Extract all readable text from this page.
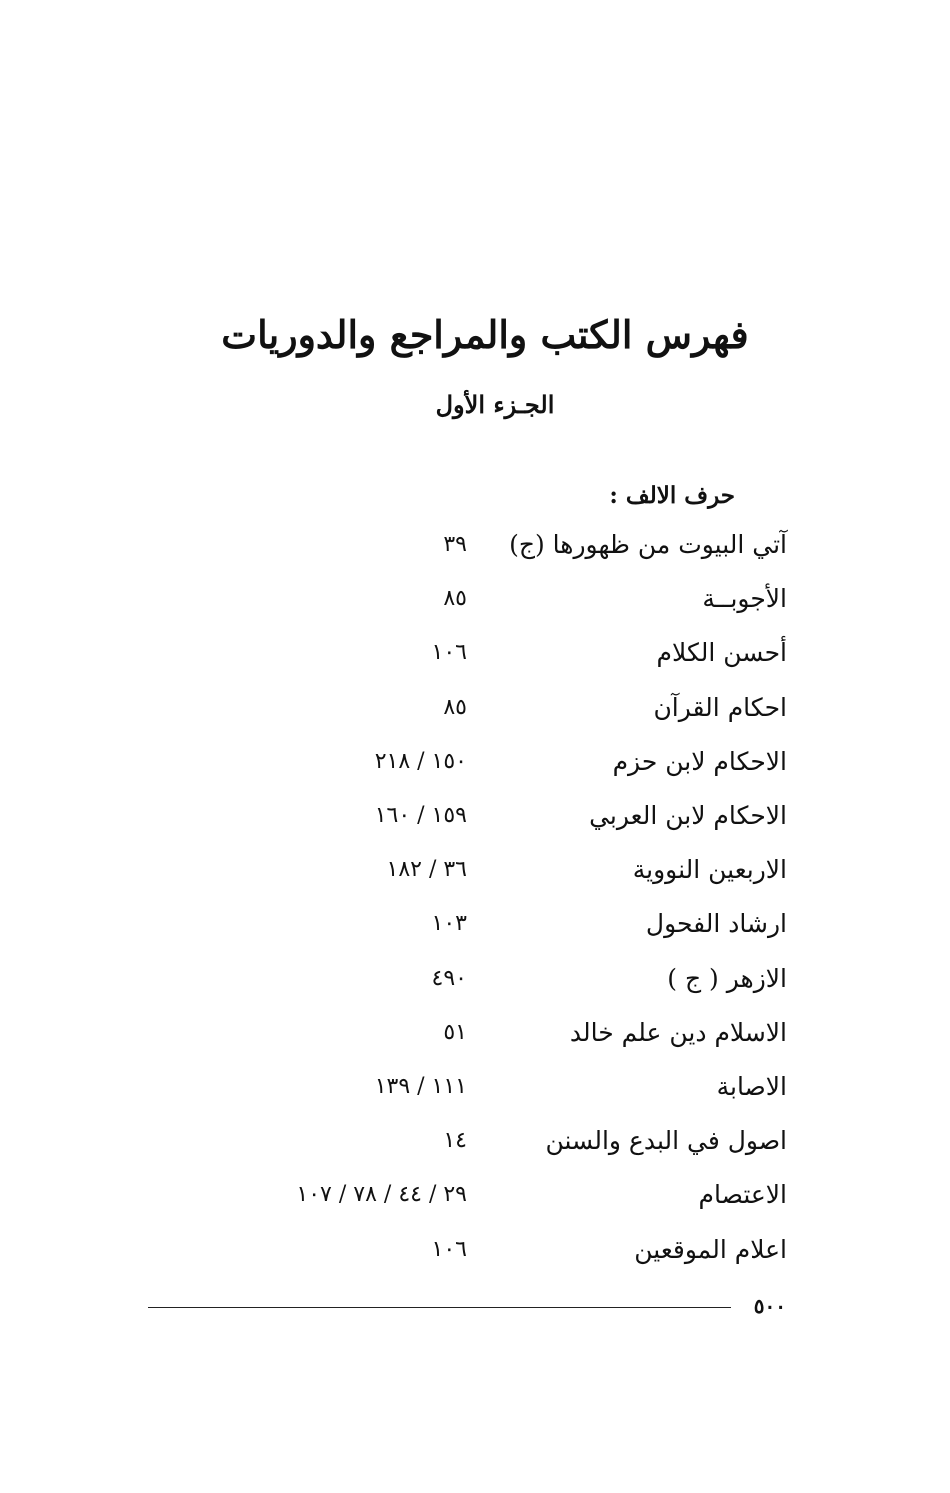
فهرس الكتب والمراجع والدوريات
الجـزء الأول
حرف الالف :
آتي البيوت من ظهورها (ج)
٣٩
الأجوبــة
٨٥
أحسن الكلام
١٠٦
احكام القرآن
٨٥
الاحكام لابن حزم
١٥٠ / ٢١٨
الاحكام لابن العربي
١٥٩ / ١٦٠
الاربعين النووية
٣٦ / ١٨٢
ارشاد الفحول
١٠٣
الازهر ( ج )
٤٩٠
الاسلام دين علم خالد
٥١
الاصابة
١١١ / ١٣٩
اصول في البدع والسنن
١٤
الاعتصام
٢٩ / ٤٤ / ٧٨ / ١٠٧
اعلام الموقعين
١٠٦
٥٠٠
